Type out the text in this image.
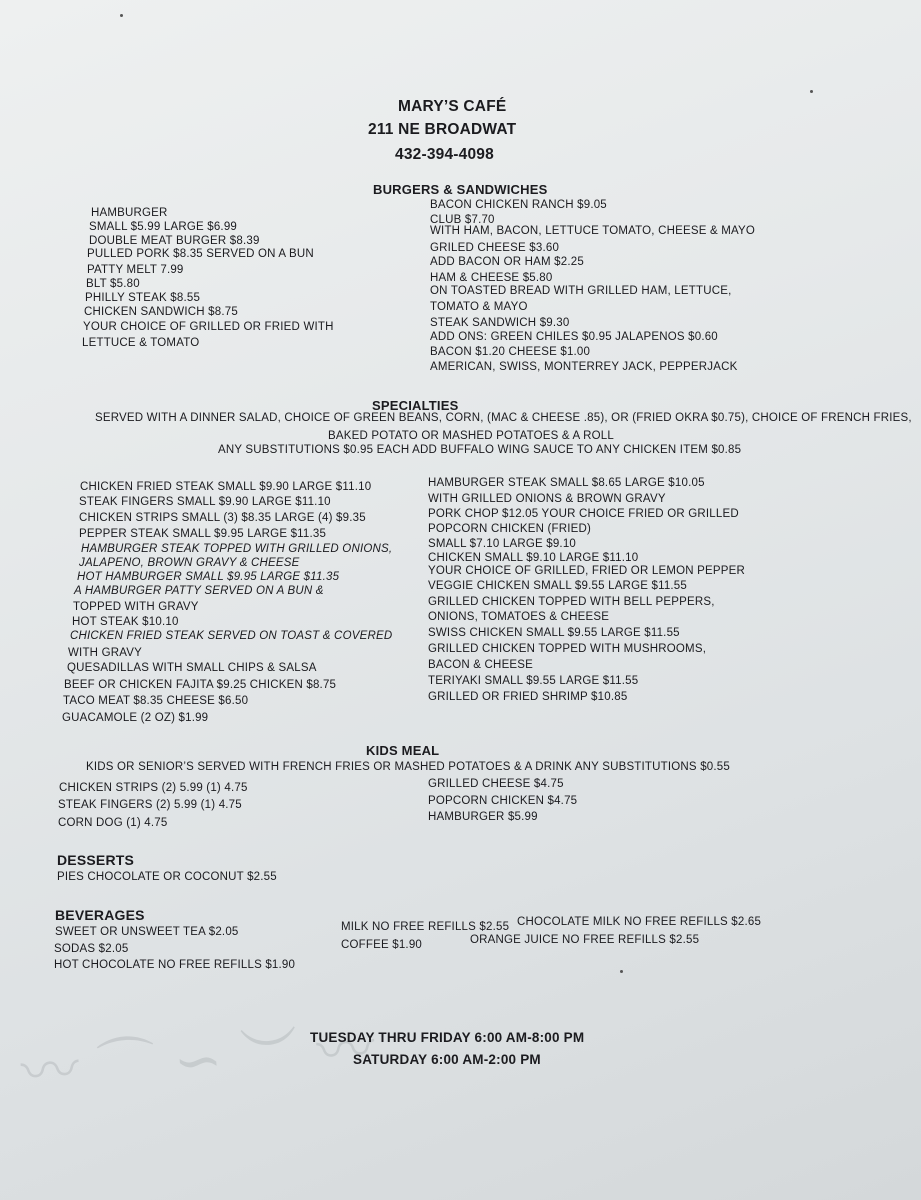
〰 ⌒ ∽ ︶ 〰
MARY’S CAFÉ
211 NE BROADWAT
432-394-4098
BURGERS & SANDWICHES
HAMBURGER
SMALL $5.99 LARGE $6.99
DOUBLE MEAT BURGER $8.39
PULLED PORK $8.35 SERVED ON A BUN
PATTY MELT 7.99
BLT $5.80
PHILLY STEAK $8.55
CHICKEN SANDWICH $8.75
YOUR CHOICE OF GRILLED OR FRIED WITH
LETTUCE & TOMATO
BACON CHICKEN RANCH $9.05
CLUB $7.70
WITH HAM, BACON, LETTUCE TOMATO, CHEESE & MAYO
GRILED CHEESE $3.60
ADD BACON OR HAM $2.25
HAM & CHEESE $5.80
ON TOASTED BREAD WITH GRILLED HAM, LETTUCE,
TOMATO & MAYO
STEAK SANDWICH $9.30
ADD ONS: GREEN CHILES $0.95 JALAPENOS $0.60
BACON $1.20 CHEESE $1.00
AMERICAN, SWISS, MONTERREY JACK, PEPPERJACK
SPECIALTIES
SERVED WITH A DINNER SALAD, CHOICE OF GREEN BEANS, CORN, (MAC & CHEESE .85), OR (FRIED OKRA $0.75), CHOICE OF FRENCH FRIES,
BAKED POTATO OR MASHED POTATOES & A ROLL
ANY SUBSTITUTIONS $0.95 EACH ADD BUFFALO WING SAUCE TO ANY CHICKEN ITEM $0.85
CHICKEN FRIED STEAK SMALL $9.90 LARGE $11.10
STEAK FINGERS SMALL $9.90 LARGE $11.10
CHICKEN STRIPS SMALL (3) $8.35 LARGE (4) $9.35
PEPPER STEAK SMALL $9.95 LARGE $11.35
HAMBURGER STEAK TOPPED WITH GRILLED ONIONS,
JALAPENO, BROWN GRAVY & CHEESE
HOT HAMBURGER SMALL $9.95 LARGE $11.35
A HAMBURGER PATTY SERVED ON A BUN &
TOPPED WITH GRAVY
HOT STEAK $10.10
CHICKEN FRIED STEAK SERVED ON TOAST & COVERED
WITH GRAVY
QUESADILLAS WITH SMALL CHIPS & SALSA
BEEF OR CHICKEN FAJITA $9.25 CHICKEN $8.75
TACO MEAT $8.35 CHEESE $6.50
GUACAMOLE (2 OZ) $1.99
HAMBURGER STEAK SMALL $8.65 LARGE $10.05
WITH GRILLED ONIONS & BROWN GRAVY
PORK CHOP $12.05 YOUR CHOICE FRIED OR GRILLED
POPCORN CHICKEN (FRIED)
SMALL $7.10 LARGE $9.10
CHICKEN SMALL $9.10 LARGE $11.10
YOUR CHOICE OF GRILLED, FRIED OR LEMON PEPPER
VEGGIE CHICKEN SMALL $9.55 LARGE $11.55
GRILLED CHICKEN TOPPED WITH BELL PEPPERS,
ONIONS, TOMATOES & CHEESE
SWISS CHICKEN SMALL $9.55 LARGE $11.55
GRILLED CHICKEN TOPPED WITH MUSHROOMS,
BACON & CHEESE
TERIYAKI SMALL $9.55 LARGE $11.55
GRILLED OR FRIED SHRIMP $10.85
KIDS MEAL
KIDS OR SENIOR’S SERVED WITH FRENCH FRIES OR MASHED POTATOES & A DRINK ANY SUBSTITUTIONS $0.55
CHICKEN STRIPS (2) 5.99 (1) 4.75
STEAK FINGERS (2) 5.99 (1) 4.75
CORN DOG (1) 4.75
GRILLED CHEESE $4.75
POPCORN CHICKEN $4.75
HAMBURGER $5.99
DESSERTS
PIES CHOCOLATE OR COCONUT $2.55
BEVERAGES
SWEET OR UNSWEET TEA $2.05
SODAS $2.05
HOT CHOCOLATE NO FREE REFILLS $1.90
MILK NO FREE REFILLS $2.55
COFFEE $1.90
CHOCOLATE MILK NO FREE REFILLS $2.65
ORANGE JUICE NO FREE REFILLS $2.55
TUESDAY THRU FRIDAY 6:00 AM-8:00 PM
SATURDAY 6:00 AM-2:00 PM
